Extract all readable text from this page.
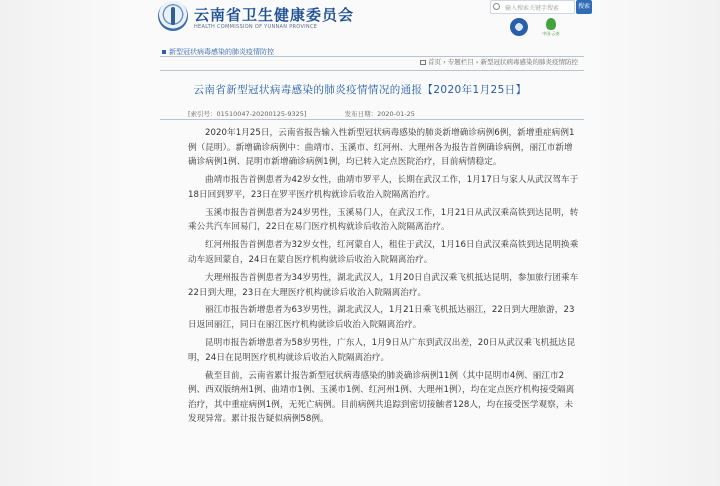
云南省卫生健康委员会
HEALTH COMMISSION OF YUNNAN PROVINCE
输入搜索关键字搜索	搜索
中国·云南
新型冠状病毒感染的肺炎疫情防控
首页 › 专题栏目 › 新型冠状病毒感染的肺炎疫情防控
云南省新型冠状病毒感染的肺炎疫情情况的通报【2020年1月25日】
[索引号：01510047-20200125-9325]	发布日期：2020-01-25

2020年1月25日，云南省报告输入性新型冠状病毒感染的肺炎新增确诊病例6例，新增重症病例1例（昆明）。新增确诊病例中：曲靖市、玉溪市、红河州、大理州各为报告首例确诊病例，丽江市新增确诊病例1例、昆明市新增确诊病例1例，均已转入定点医院治疗，目前病情稳定。

曲靖市报告首例患者为42岁女性，曲靖市罗平人，长期在武汉工作，1月17日与家人从武汉驾车于18日回到罗平，23日在罗平医疗机构就诊后收治入院隔离治疗。

玉溪市报告首例患者为24岁男性，玉溪易门人，在武汉工作，1月21日从武汉乘高铁到达昆明，转乘公共汽车回易门，22日在易门医疗机构就诊后收治入院隔离治疗。

红河州报告首例患者为32岁女性，红河蒙自人，租住于武汉，1月16日自武汉乘高铁到达昆明换乘动车返回蒙自，24日在蒙自医疗机构就诊后收治入院隔离治疗。

大理州报告首例患者为34岁男性，湖北武汉人，1月20日自武汉乘飞机抵达昆明，参加旅行团乘车22日到大理，23日在大理医疗机构就诊后收治入院隔离治疗。

丽江市报告新增患者为63岁男性，湖北武汉人，1月21日乘飞机抵达丽江，22日到大理旅游，23日返回丽江，同日在丽江医疗机构就诊后收治入院隔离治疗。

昆明市报告新增患者为58岁男性，广东人，1月9日从广东到武汉出差，20日从武汉乘飞机抵达昆明，24日在昆明医疗机构就诊后收治入院隔离治疗。

截至目前，云南省累计报告新型冠状病毒感染的肺炎确诊病例11例（其中昆明市4例、丽江市2例、西双版纳州1例、曲靖市1例、玉溪市1例、红河州1例、大理州1例），均在定点医疗机构接受隔离治疗，其中重症病例1例，无死亡病例。目前病例共追踪到密切接触者128人，均在接受医学观察，未发现异常。累计报告疑似病例58例。
